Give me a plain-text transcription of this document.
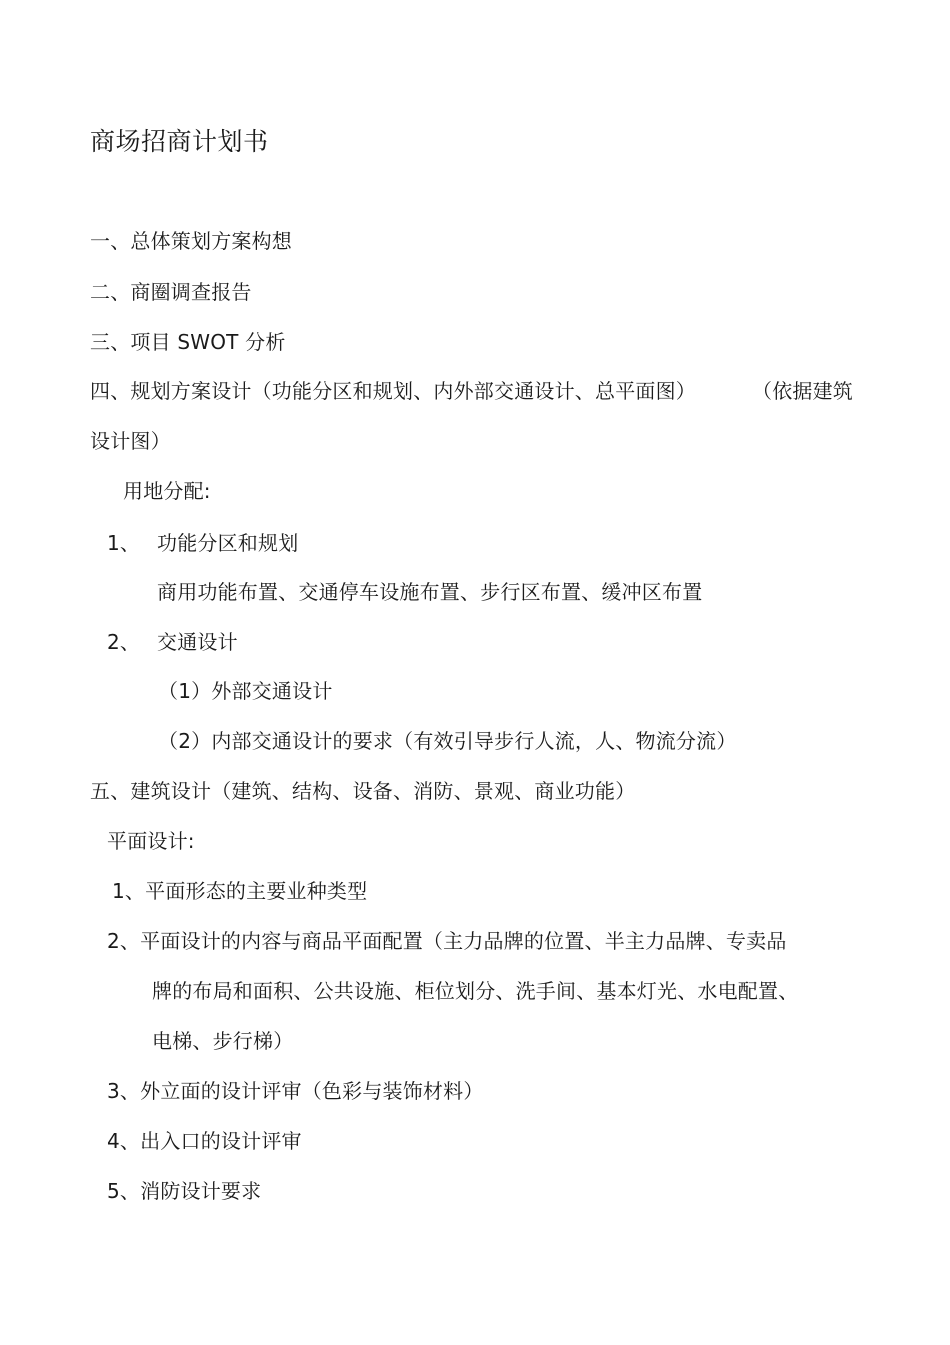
商场招商计划书
一、总体策划方案构想
二、商圈调查报告
三、项目 SWOT 分析
四、规划方案设计（功能分区和规划、内外部交通设计、总平面图）	（依据建筑
设计图）
用地分配:
1、 功能分区和规划
商用功能布置、交通停车设施布置、步行区布置、缓冲区布置
2、 交通设计
（1）外部交通设计
（2）内部交通设计的要求（有效引导步行人流，人、物流分流）
五、建筑设计（建筑、结构、设备、消防、景观、商业功能）
平面设计:
1、平面形态的主要业种类型
2、平面设计的内容与商品平面配置（主力品牌的位置、半主力品牌、专卖品
牌的布局和面积、公共设施、柜位划分、洗手间、基本灯光、水电配置、
电梯、步行梯）
3、外立面的设计评审（色彩与装饰材料）
4、出入口的设计评审
5、消防设计要求
